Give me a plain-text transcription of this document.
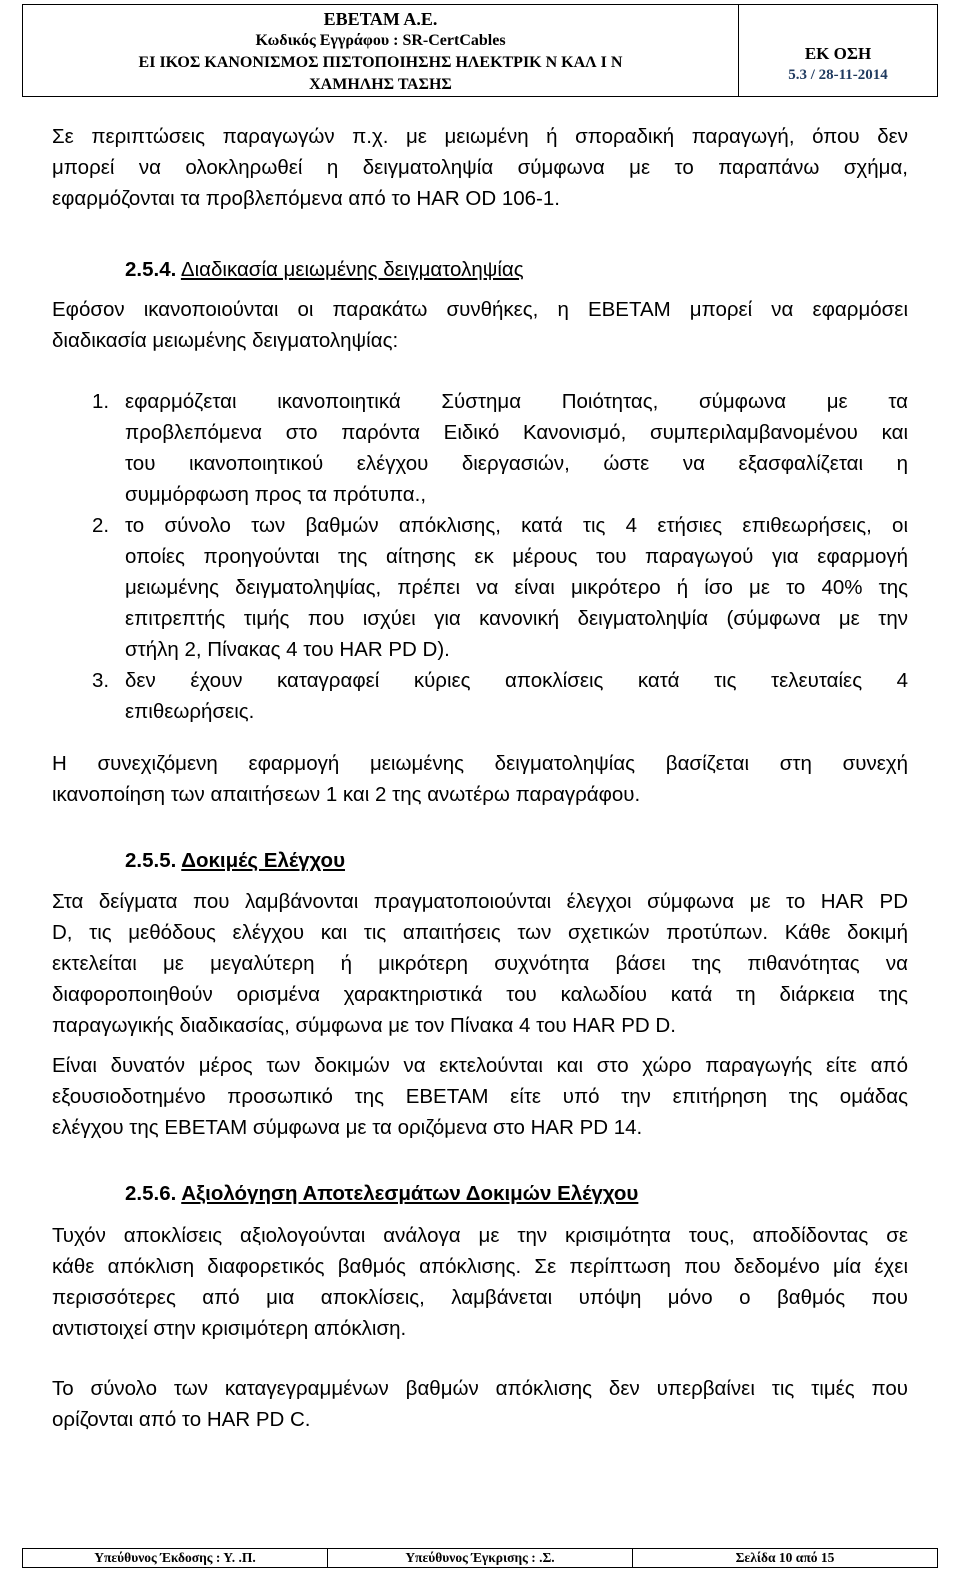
ΕΒΕΤΑΜ Α.Ε.
Κωδικός Εγγράφου : SR-CertCables
ΕΙ ΙΚΟΣ ΚΑΝΟΝΙΣΜΟΣ ΠΙΣΤΟΠΟΙΗΣΗΣ ΗΛΕΚΤΡΙΚ Ν ΚΑΛ Ι Ν
ΧΑΜΗΛΗΣ ΤΑΣΗΣ
ΕΚ ΟΣΗ
5.3 / 28-11-2014
Σε περιπτώσεις παραγωγών π.χ. με μειωμένη ή σποραδική παραγωγή, όπου δεν
μπορεί να ολοκληρωθεί η δειγματοληψία σύμφωνα με το παραπάνω σχήμα,
εφαρμόζονται τα προβλεπόμενα από το HAR OD 106-1.
2.5.4. Διαδικασία μειωμένης δειγματοληψίας
Εφόσον ικανοποιούνται οι παρακάτω συνθήκες, η ΕΒΕΤΑΜ μπορεί να εφαρμόσει
διαδικασία μειωμένης δειγματοληψίας:
1. εφαρμόζεται ικανοποιητικά Σύστημα Ποιότητας, σύμφωνα με τα
προβλεπόμενα στο παρόντα Ειδικό Κανονισμό, συμπεριλαμβανομένου και
του ικανοποιητικού ελέγχου διεργασιών, ώστε να εξασφαλίζεται η
συμμόρφωση προς τα πρότυπα.,
2. το σύνολο των βαθμών απόκλισης, κατά τις 4 ετήσιες επιθεωρήσεις, οι
οποίες προηγούνται της αίτησης εκ μέρους του παραγωγού για εφαρμογή
μειωμένης δειγματοληψίας, πρέπει να είναι μικρότερο ή ίσο με το 40% της
επιτρεπτής τιμής που ισχύει για κανονική δειγματοληψία (σύμφωνα με την
στήλη 2, Πίνακας 4 του HAR PD D).
3. δεν έχουν καταγραφεί κύριες αποκλίσεις κατά τις τελευταίες 4
επιθεωρήσεις.
Η συνεχιζόμενη εφαρμογή μειωμένης δειγματοληψίας βασίζεται στη συνεχή
ικανοποίηση των απαιτήσεων 1 και 2 της ανωτέρω παραγράφου.
2.5.5. Δοκιμές Ελέγχου
Στα δείγματα που λαμβάνονται πραγματοποιούνται έλεγχοι σύμφωνα με το HAR PD
D, τις μεθόδους ελέγχου και τις απαιτήσεις των σχετικών προτύπων. Κάθε δοκιμή
εκτελείται με μεγαλύτερη ή μικρότερη συχνότητα βάσει της πιθανότητας να
διαφοροποιηθούν ορισμένα χαρακτηριστικά του καλωδίου κατά τη διάρκεια της
παραγωγικής διαδικασίας, σύμφωνα με τον Πίνακα 4 του HAR PD D.
Είναι δυνατόν μέρος των δοκιμών να εκτελούνται και στο χώρο παραγωγής είτε από
εξουσιοδοτημένο προσωπικό της ΕΒΕΤΑΜ είτε υπό την επιτήρηση της ομάδας
ελέγχου της ΕΒΕΤΑΜ σύμφωνα με τα οριζόμενα στο HAR PD 14.
2.5.6. Αξιολόγηση Αποτελεσμάτων Δοκιμών Ελέγχου
Τυχόν αποκλίσεις αξιολογούνται ανάλογα με την κρισιμότητα τους, αποδίδοντας σε
κάθε απόκλιση διαφορετικός βαθμός απόκλισης. Σε περίπτωση που δεδομένο μία έχει
περισσότερες από μια αποκλίσεις, λαμβάνεται υπόψη μόνο ο βαθμός που
αντιστοιχεί στην κρισιμότερη απόκλιση.
Το σύνολο των καταγεγραμμένων βαθμών απόκλισης δεν υπερβαίνει τις τιμές που
ορίζονται από το HAR PD C.
Υπεύθυνος Έκδοσης : Υ. .Π.	Υπεύθυνος Έγκρισης : .Σ.	Σελίδα 10 από 15
